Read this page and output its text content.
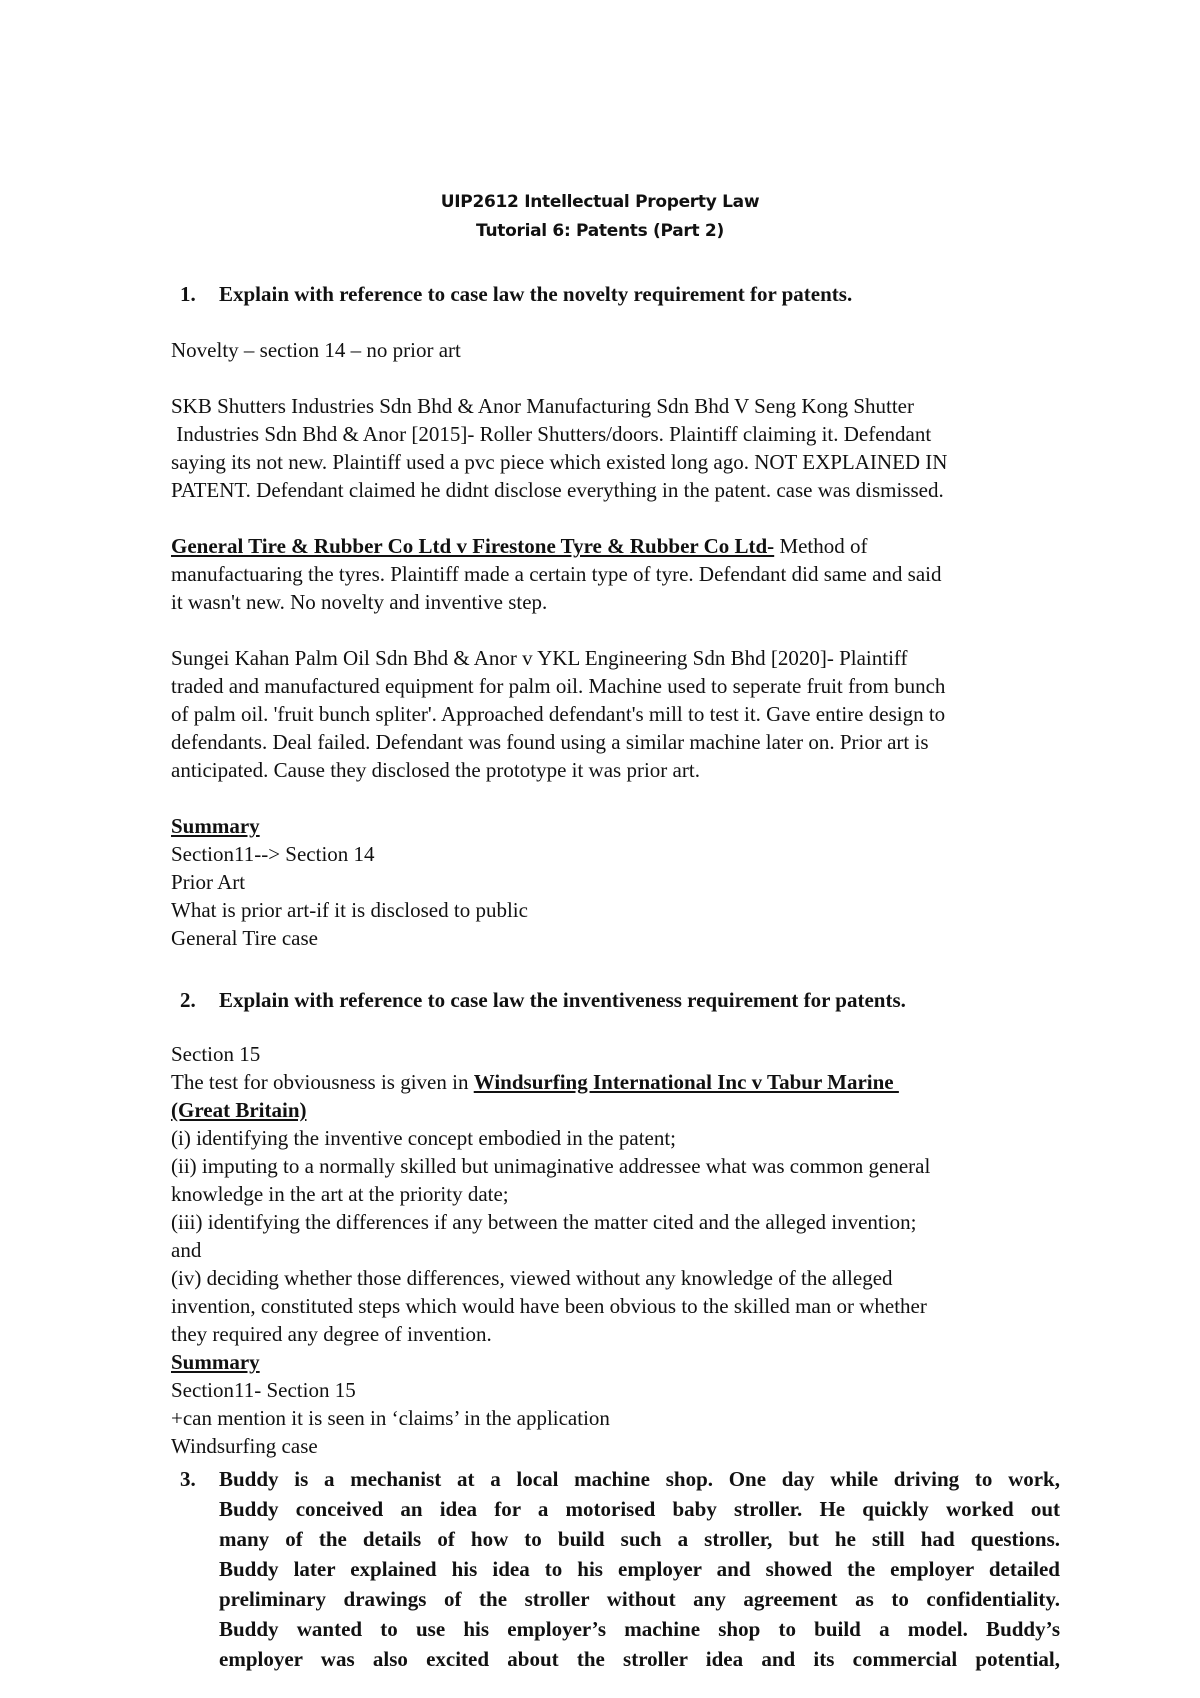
UIP2612 Intellectual Property Law
Tutorial 6: Patents (Part 2)
1. Explain with reference to case law the novelty requirement for patents.
Novelty – section 14 – no prior art
SKB Shutters Industries Sdn Bhd & Anor Manufacturing Sdn Bhd V Seng Kong Shutter
Industries Sdn Bhd & Anor [2015]- Roller Shutters/doors. Plaintiff claiming it. Defendant
saying its not new. Plaintiff used a pvc piece which existed long ago. NOT EXPLAINED IN
PATENT. Defendant claimed he didnt disclose everything in the patent. case was dismissed.
General Tire & Rubber Co Ltd v Firestone Tyre & Rubber Co Ltd- Method of
manufactuaring the tyres. Plaintiff made a certain type of tyre. Defendant did same and said
it wasn't new. No novelty and inventive step.
Sungei Kahan Palm Oil Sdn Bhd & Anor v YKL Engineering Sdn Bhd [2020]- Plaintiff
traded and manufactured equipment for palm oil. Machine used to seperate fruit from bunch
of palm oil. 'fruit bunch spliter'. Approached defendant's mill to test it. Gave entire design to
defendants. Deal failed. Defendant was found using a similar machine later on. Prior art is
anticipated. Cause they disclosed the prototype it was prior art.
Summary
Section11--> Section 14
Prior Art
What is prior art-if it is disclosed to public
General Tire case
2. Explain with reference to case law the inventiveness requirement for patents.
Section 15
The test for obviousness is given in Windsurfing International Inc v Tabur Marine
(Great Britain)
(i) identifying the inventive concept embodied in the patent;
(ii) imputing to a normally skilled but unimaginative addressee what was common general
knowledge in the art at the priority date;
(iii) identifying the differences if any between the matter cited and the alleged invention;
and
(iv) deciding whether those differences, viewed without any knowledge of the alleged
invention, constituted steps which would have been obvious to the skilled man or whether
they required any degree of invention.
Summary
Section11- Section 15
+can mention it is seen in ‘claims’ in the application
Windsurfing case
3. Buddy is a mechanist at a local machine shop. One day while driving to work,
Buddy conceived an idea for a motorised baby stroller. He quickly worked out
many of the details of how to build such a stroller, but he still had questions.
Buddy later explained his idea to his employer and showed the employer detailed
preliminary drawings of the stroller without any agreement as to confidentiality.
Buddy wanted to use his employer’s machine shop to build a model. Buddy’s
employer was also excited about the stroller idea and its commercial potential,
